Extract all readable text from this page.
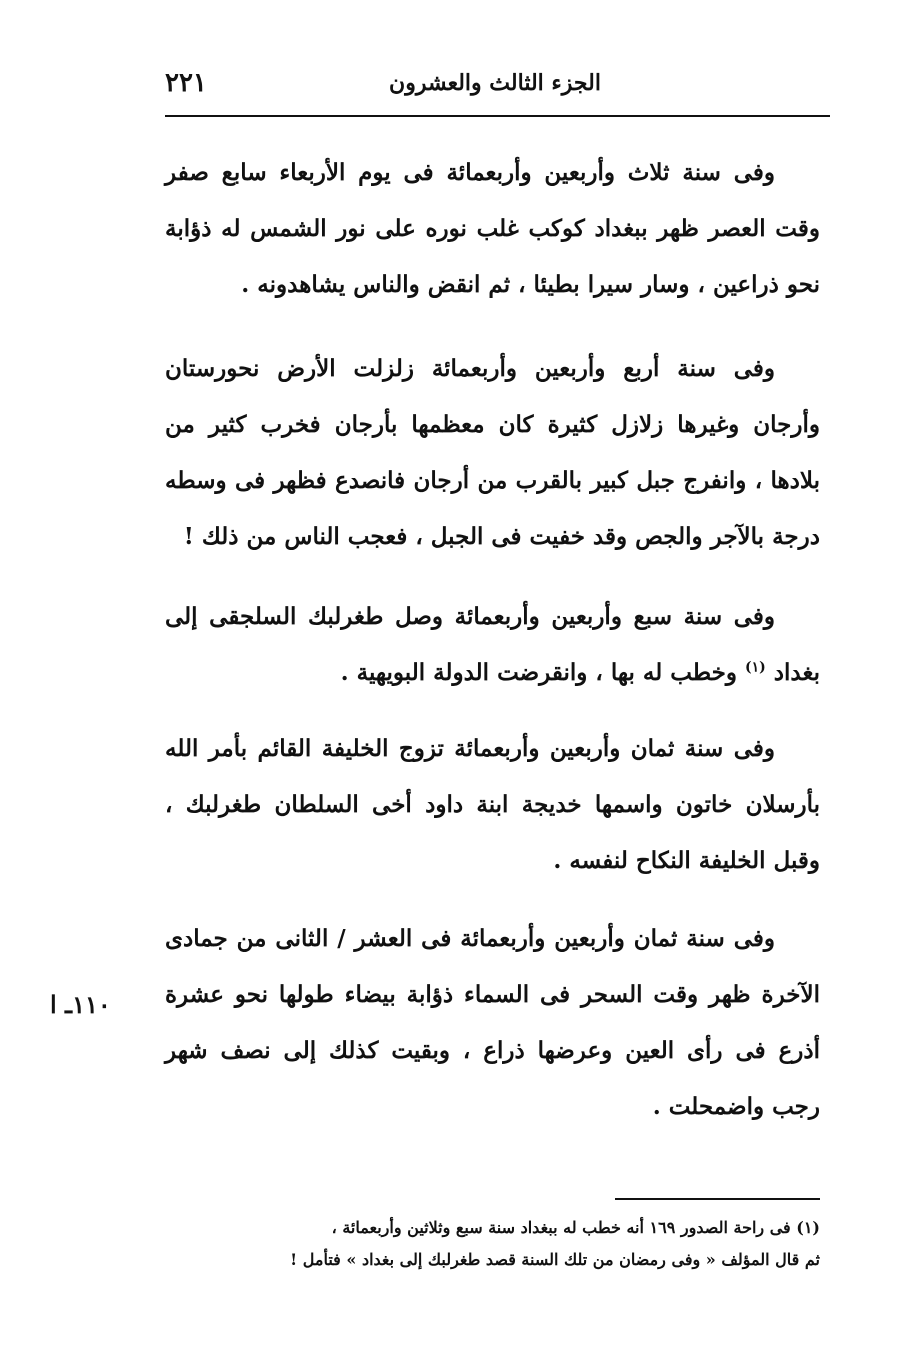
٢٢١	الجزء الثالث والعشرون

وفى سنة ثلاث وأربعين وأربعمائة فى يوم الأربعاء سابع صفر وقت العصر ظهر ببغداد كوكب غلب نوره على نور الشمس له ذؤابة نحو ذراعين ، وسار سيرا بطيئا ، ثم انقض والناس يشاهدونه .

وفى سنة أربع وأربعين وأربعمائة زلزلت الأرض نحورستان وأرجان وغيرها زلازل كثيرة كان معظمها بأرجان فخرب كثير من بلادها ، وانفرج جبل كبير بالقرب من أرجان فانصدع فظهر فى وسطه درجة بالآجر والجص وقد خفيت فى الجبل ، فعجب الناس من ذلك !

وفى سنة سبع وأربعين وأربعمائة وصل طغرلبك السلجقى إلى بغداد $^{(١)}$ وخطب له بها ، وانقرضت الدولة البويهية .

وفى سنة ثمان وأربعين وأربعمائة تزوج الخليفة القائم بأمر الله بأرسلان خاتون واسمها خديجة ابنة داود أخى السلطان طغرلبك ، وقبل الخليفة النكاح لنفسه .

وفى سنة ثمان وأربعين وأربعمائة فى العشر / الثانى من جمادى الآخرة ظهر وقت السحر فى السماء ذؤابة بيضاء طولها نحو عشرة أذرع فى رأى العين وعرضها ذراع ، وبقيت كذلك إلى نصف شهر رجب واضمحلت .

١١٠ـ ا

(١) فى راحة الصدور ١٦٩ أنه خطب له ببغداد سنة سبع وثلاثين وأربعمائة ،

ثم قال المؤلف « وفى رمضان من تلك السنة قصد طغرلبك إلى بغداد » فتأمل !
